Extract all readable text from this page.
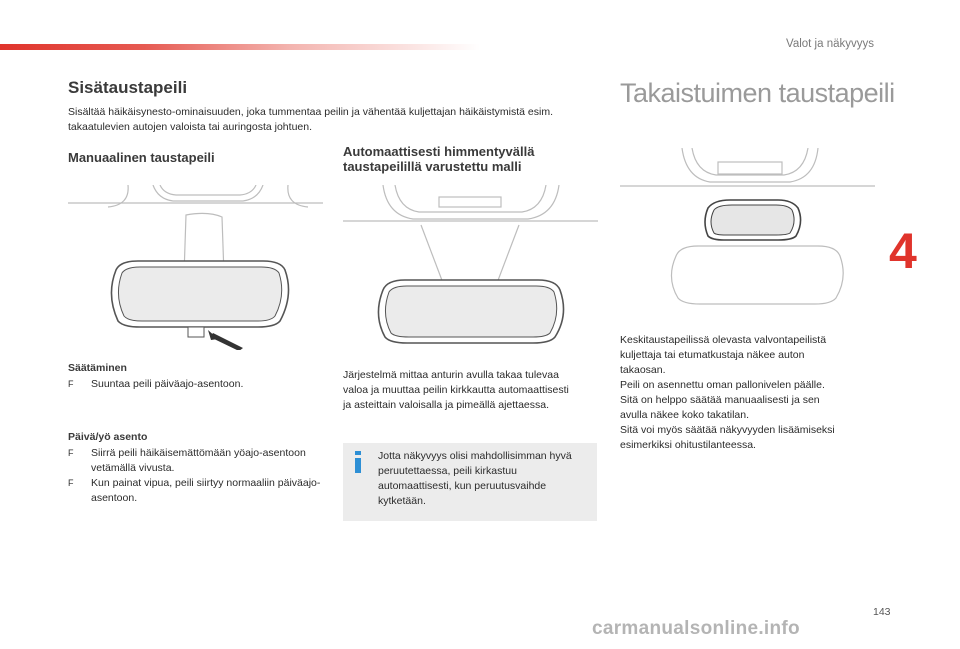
Valot ja näkyvyys
4
Sisätaustapeili
Sisältää häikäisynesto-ominaisuuden, joka tummentaa peilin ja vähentää kuljettajan häikäistymistä esim. takaatulevien autojen valoista tai auringosta johtuen.
Manuaalinen taustapeili	Automaattisesti himmentyvällä taustapeilillä varustettu malli
Takaistuimen taustapeili
Säätäminen
F Suuntaa peili päiväajo-asentoon.
Päivä/yö asento
F Siirrä peili häikäisemättömään yöajo-asentoon vetämällä vivusta.
F Kun painat vipua, peili siirtyy normaaliin päiväajo-asentoon.
Järjestelmä mittaa anturin avulla takaa tulevaa valoa ja muuttaa peilin kirkkautta automaattisesti ja asteittain valoisalla ja pimeällä ajettaessa.
Jotta näkyvyys olisi mahdollisimman hyvä peruutettaessa, peili kirkastuu automaattisesti, kun peruutusvaihde kytketään.
Keskitaustapeilissä olevasta valvontapeilistä
kuljettaja tai etumatkustaja näkee auton
takaosan.
Peili on asennettu oman pallonivelen päälle.
Sitä on helppo säätää manuaalisesti ja sen
avulla näkee koko takatilan.
Sitä voi myös säätää näkyvyyden lisäämiseksi
esimerkiksi ohitustilanteessa.
143
carmanualsonline.info
